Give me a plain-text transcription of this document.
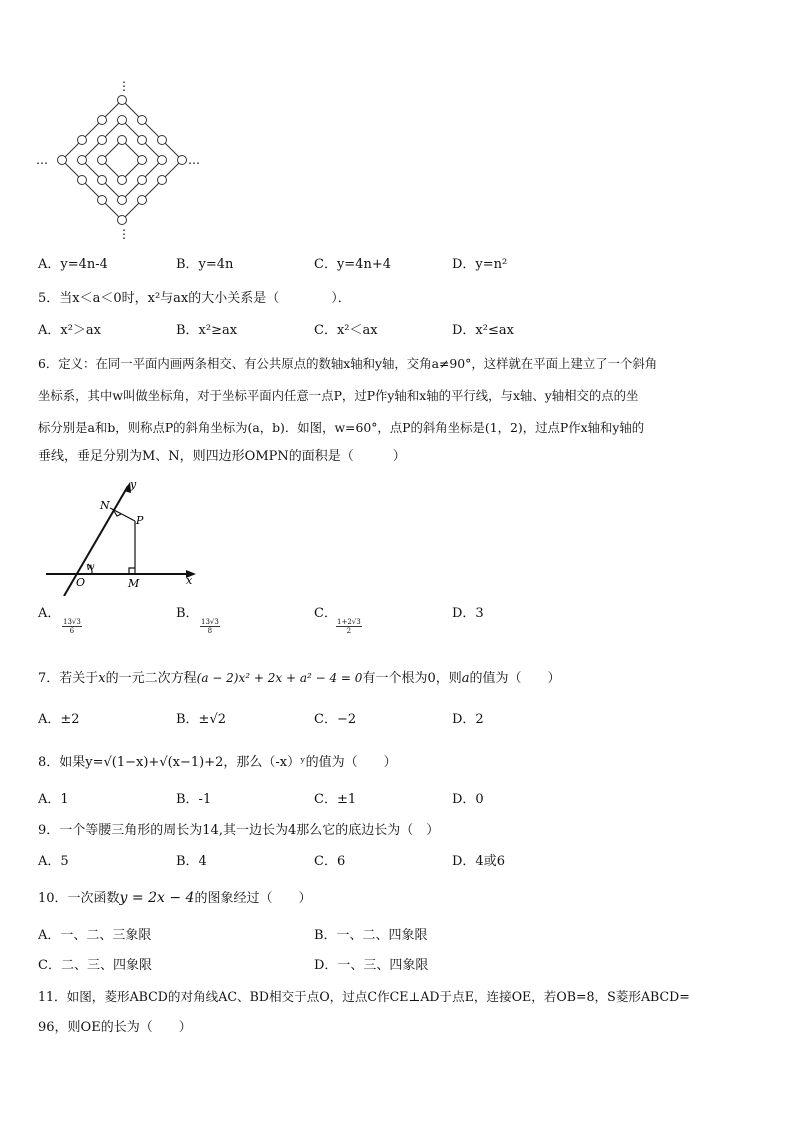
…	…
⋮
⋮
A．y=4n-4	B．y=4n	C．y=4n+4	D．y=n²
5．当x＜a＜0时，x²与ax的大小关系是（　　　　）．
A．x²＞ax	B．x²≥ax	C．x²＜ax	D．x²≤ax
6．定义：在同一平面内画两条相交、有公共原点的数轴x轴和y轴，交角a≠90°，这样就在平面上建立了一个斜角
坐标系，其中w叫做坐标角，对于坐标平面内任意一点P，过P作y轴和x轴的平行线，与x轴、y轴相交的点的坐
标分别是a和b，则称点P的斜角坐标为(a，b)．如图，w=60°，点P的斜角坐标是(1，2)，过点P作x轴和y轴的
垂线，垂足分别为M、N，则四边形OMPN的面积是（　　　）
y
x
N
P
O	M
w
A．
$\frac{13√3}{6}$
B．
$\frac{13√3}{8}$
C．
$\frac{1+2√3}{2}$
D．3
7．若关于x的一元二次方程(a − 2)x² + 2x + a² − 4 = 0有一个根为0，则a的值为（　　）
A．±2	B．±√2	C．−2	D．2
8．如果y=√(1−x)+√(x−1)+2，那么（-x）ʸ的值为（　　）
A．1	B．-1	C．±1	D．0
9．一个等腰三角形的周长为14,其一边长为4那么它的底边长为（　）
A．5	B．4	C．6	D．4或6
10．一次函数y = 2x − 4的图象经过（　　）
A．一、二、三象限	B．一、二、四象限
C．二、三、四象限	D．一、三、四象限
11．如图，菱形ABCD的对角线AC、BD相交于点O，过点C作CE⊥AD于点E，连接OE，若OB=8，S菱形ABCD=
96，则OE的长为（　　）
